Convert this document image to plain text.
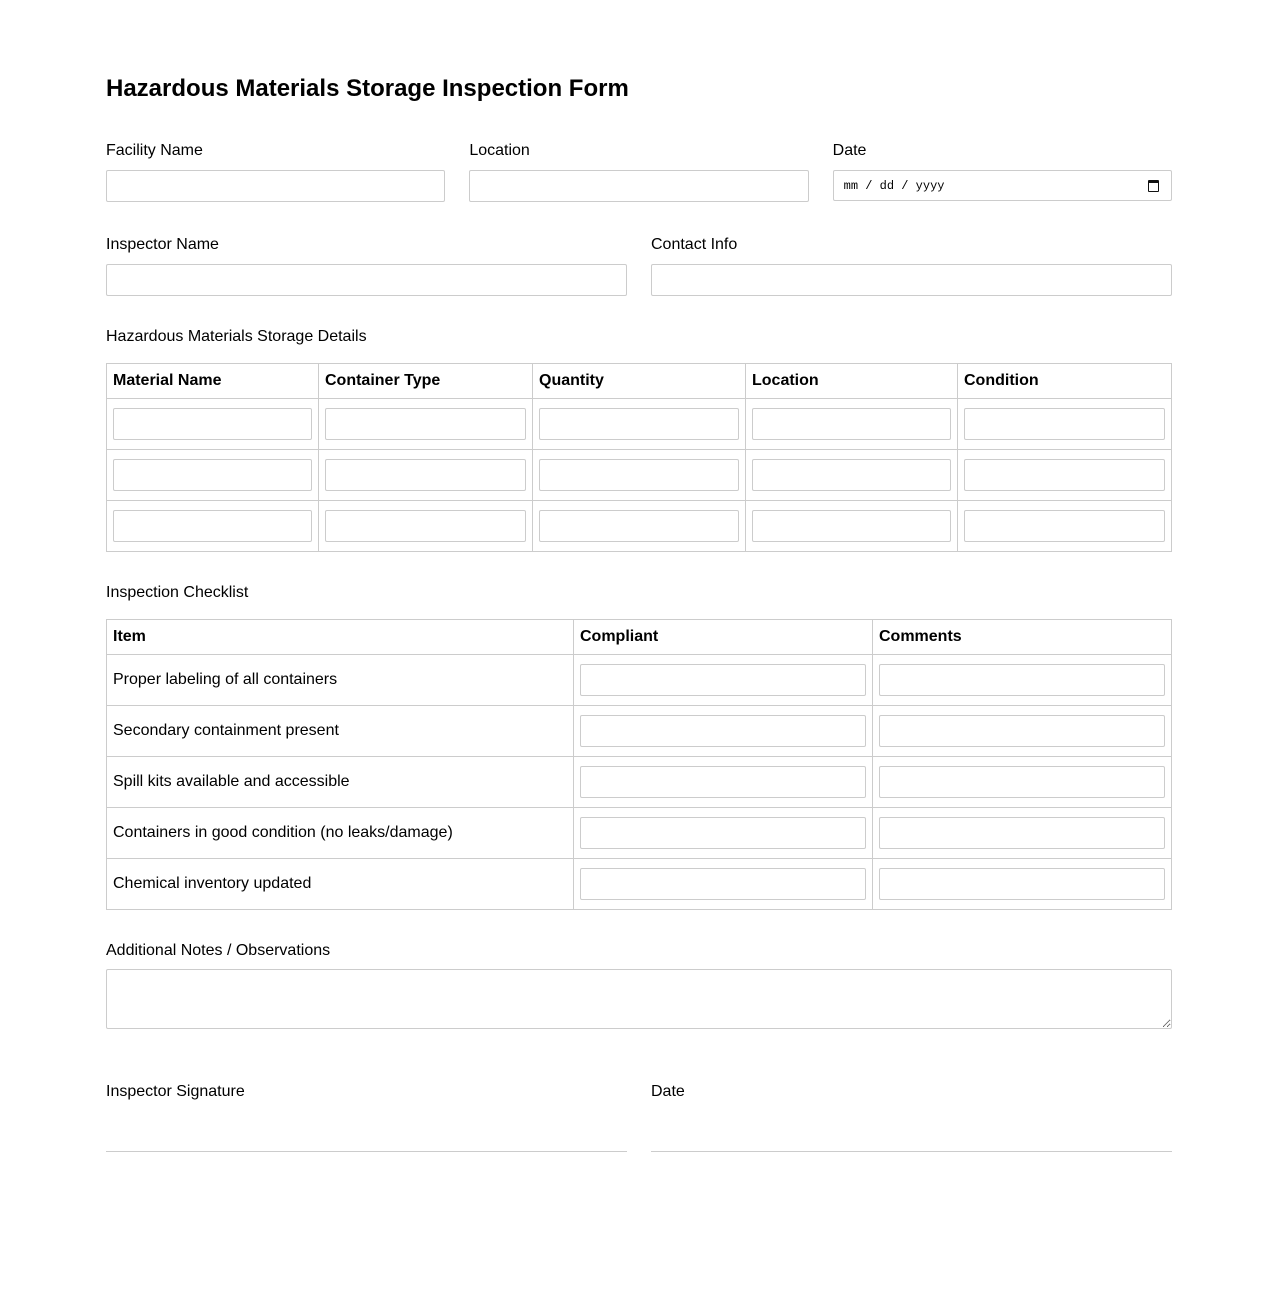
Hazardous Materials Storage Inspection Form
Facility Name	Location	Date
mm / dd / yyyy
Inspector Name	Contact Info
Hazardous Materials Storage Details
Material Name	Container Type	Quantity	Location	Condition

Inspection Checklist
Item	Compliant	Comments
Proper labeling of all containers		
Secondary containment present		
Spill kits available and accessible		
Containers in good condition (no leaks/damage)		
Chemical inventory updated		
Additional Notes / Observations
Inspector Signature	Date
